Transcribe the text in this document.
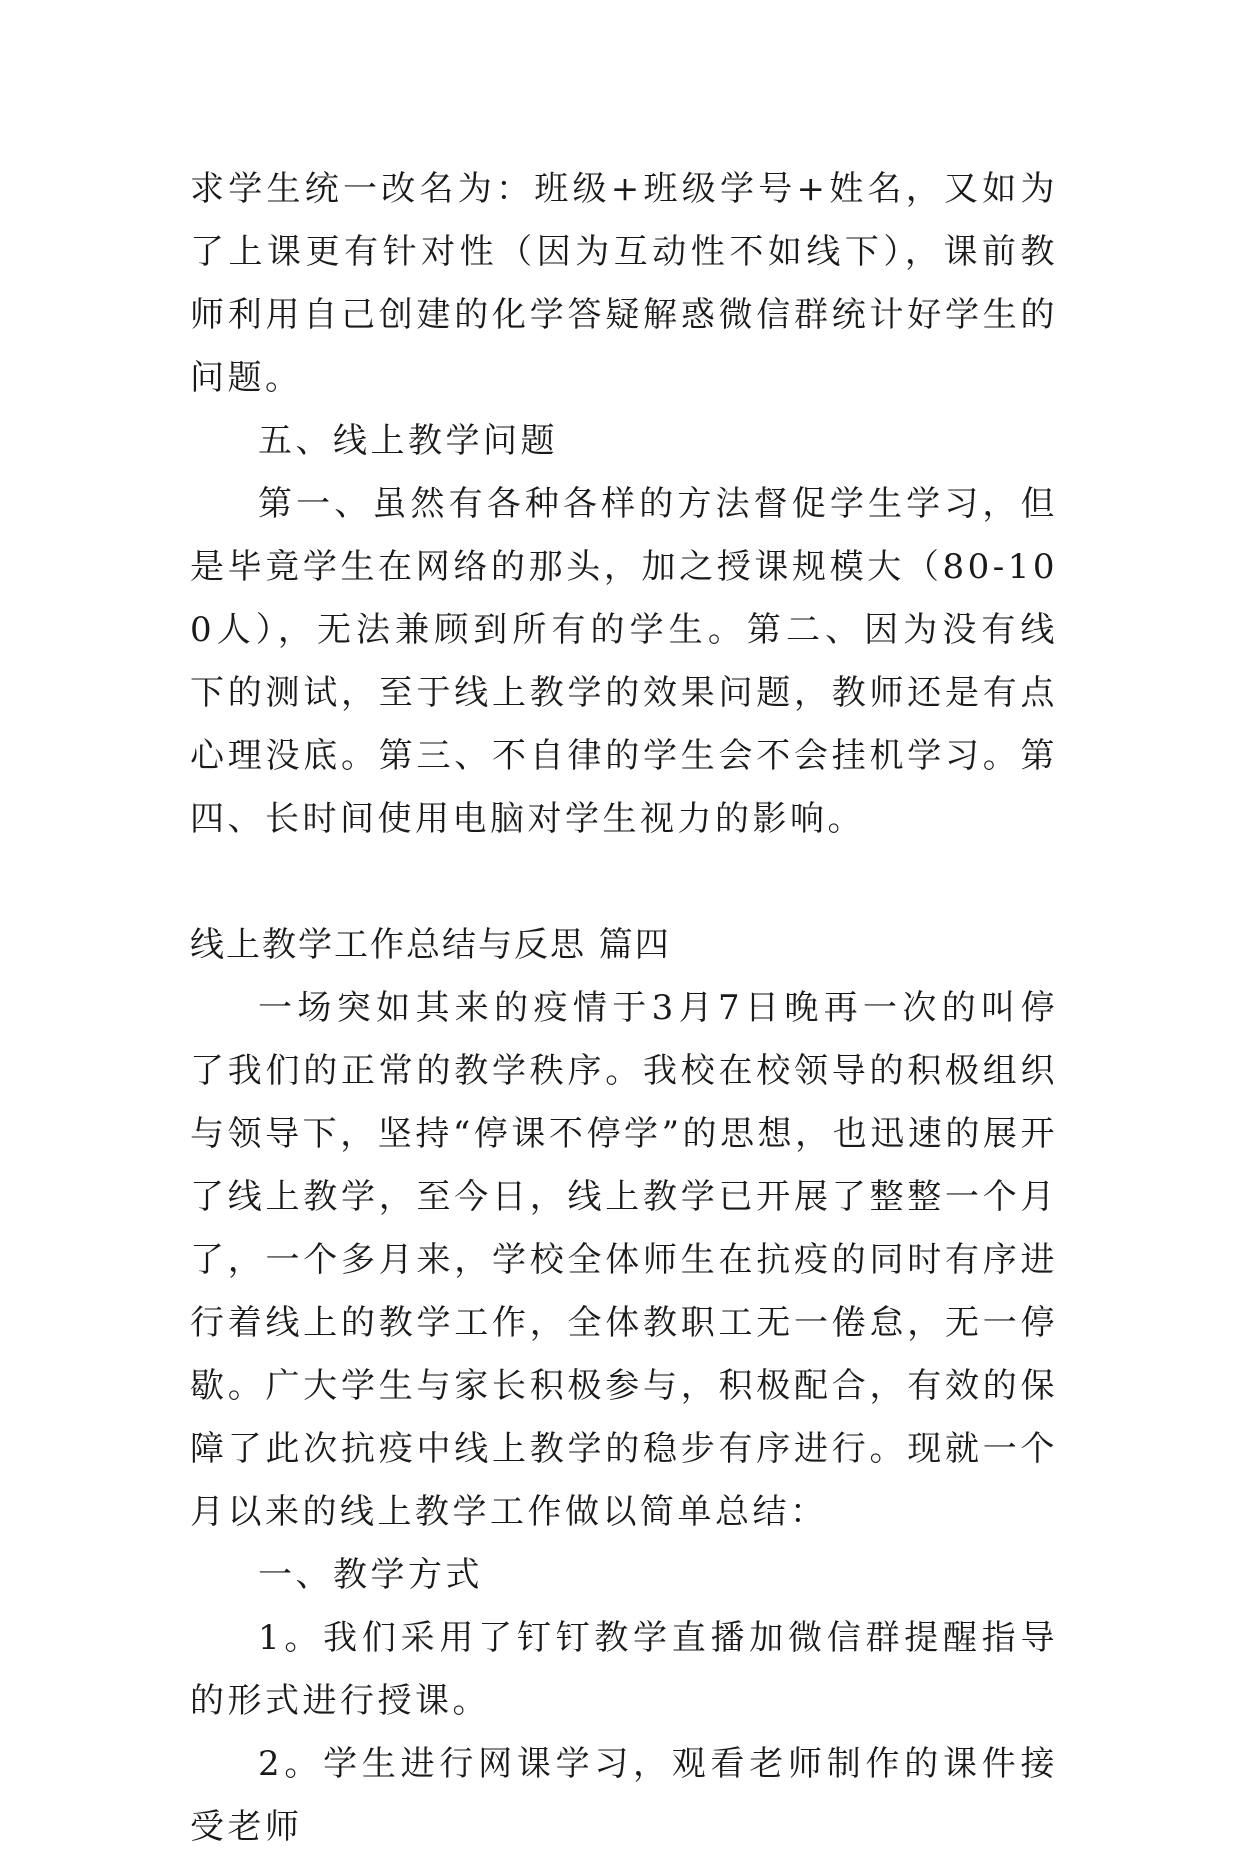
求学生统一改名为：班级+班级学号+姓名，又如为了上课更有针对性（因为互动性不如线下），课前教师利用自己创建的化学答疑解惑微信群统计好学生的问题。

五、线上教学问题

第一、虽然有各种各样的方法督促学生学习，但是毕竟学生在网络的那头，加之授课规模大（80-100人），无法兼顾到所有的学生。第二、因为没有线下的测试，至于线上教学的效果问题，教师还是有点心理没底。第三、不自律的学生会不会挂机学习。第四、长时间使用电脑对学生视力的影响。

线上教学工作总结与反思 篇四

一场突如其来的疫情于3月7日晚再一次的叫停了我们的正常的教学秩序。我校在校领导的积极组织与领导下，坚持“停课不停学”的思想，也迅速的展开了线上教学，至今日，线上教学已开展了整整一个月了，一个多月来，学校全体师生在抗疫的同时有序进行着线上的教学工作，全体教职工无一倦怠，无一停歇。广大学生与家长积极参与，积极配合，有效的保障了此次抗疫中线上教学的稳步有序进行。现就一个月以来的线上教学工作做以简单总结：

一、教学方式

1。我们采用了钉钉教学直播加微信群提醒指导的形式进行授课。

2。学生进行网课学习，观看老师制作的课件接受老师
